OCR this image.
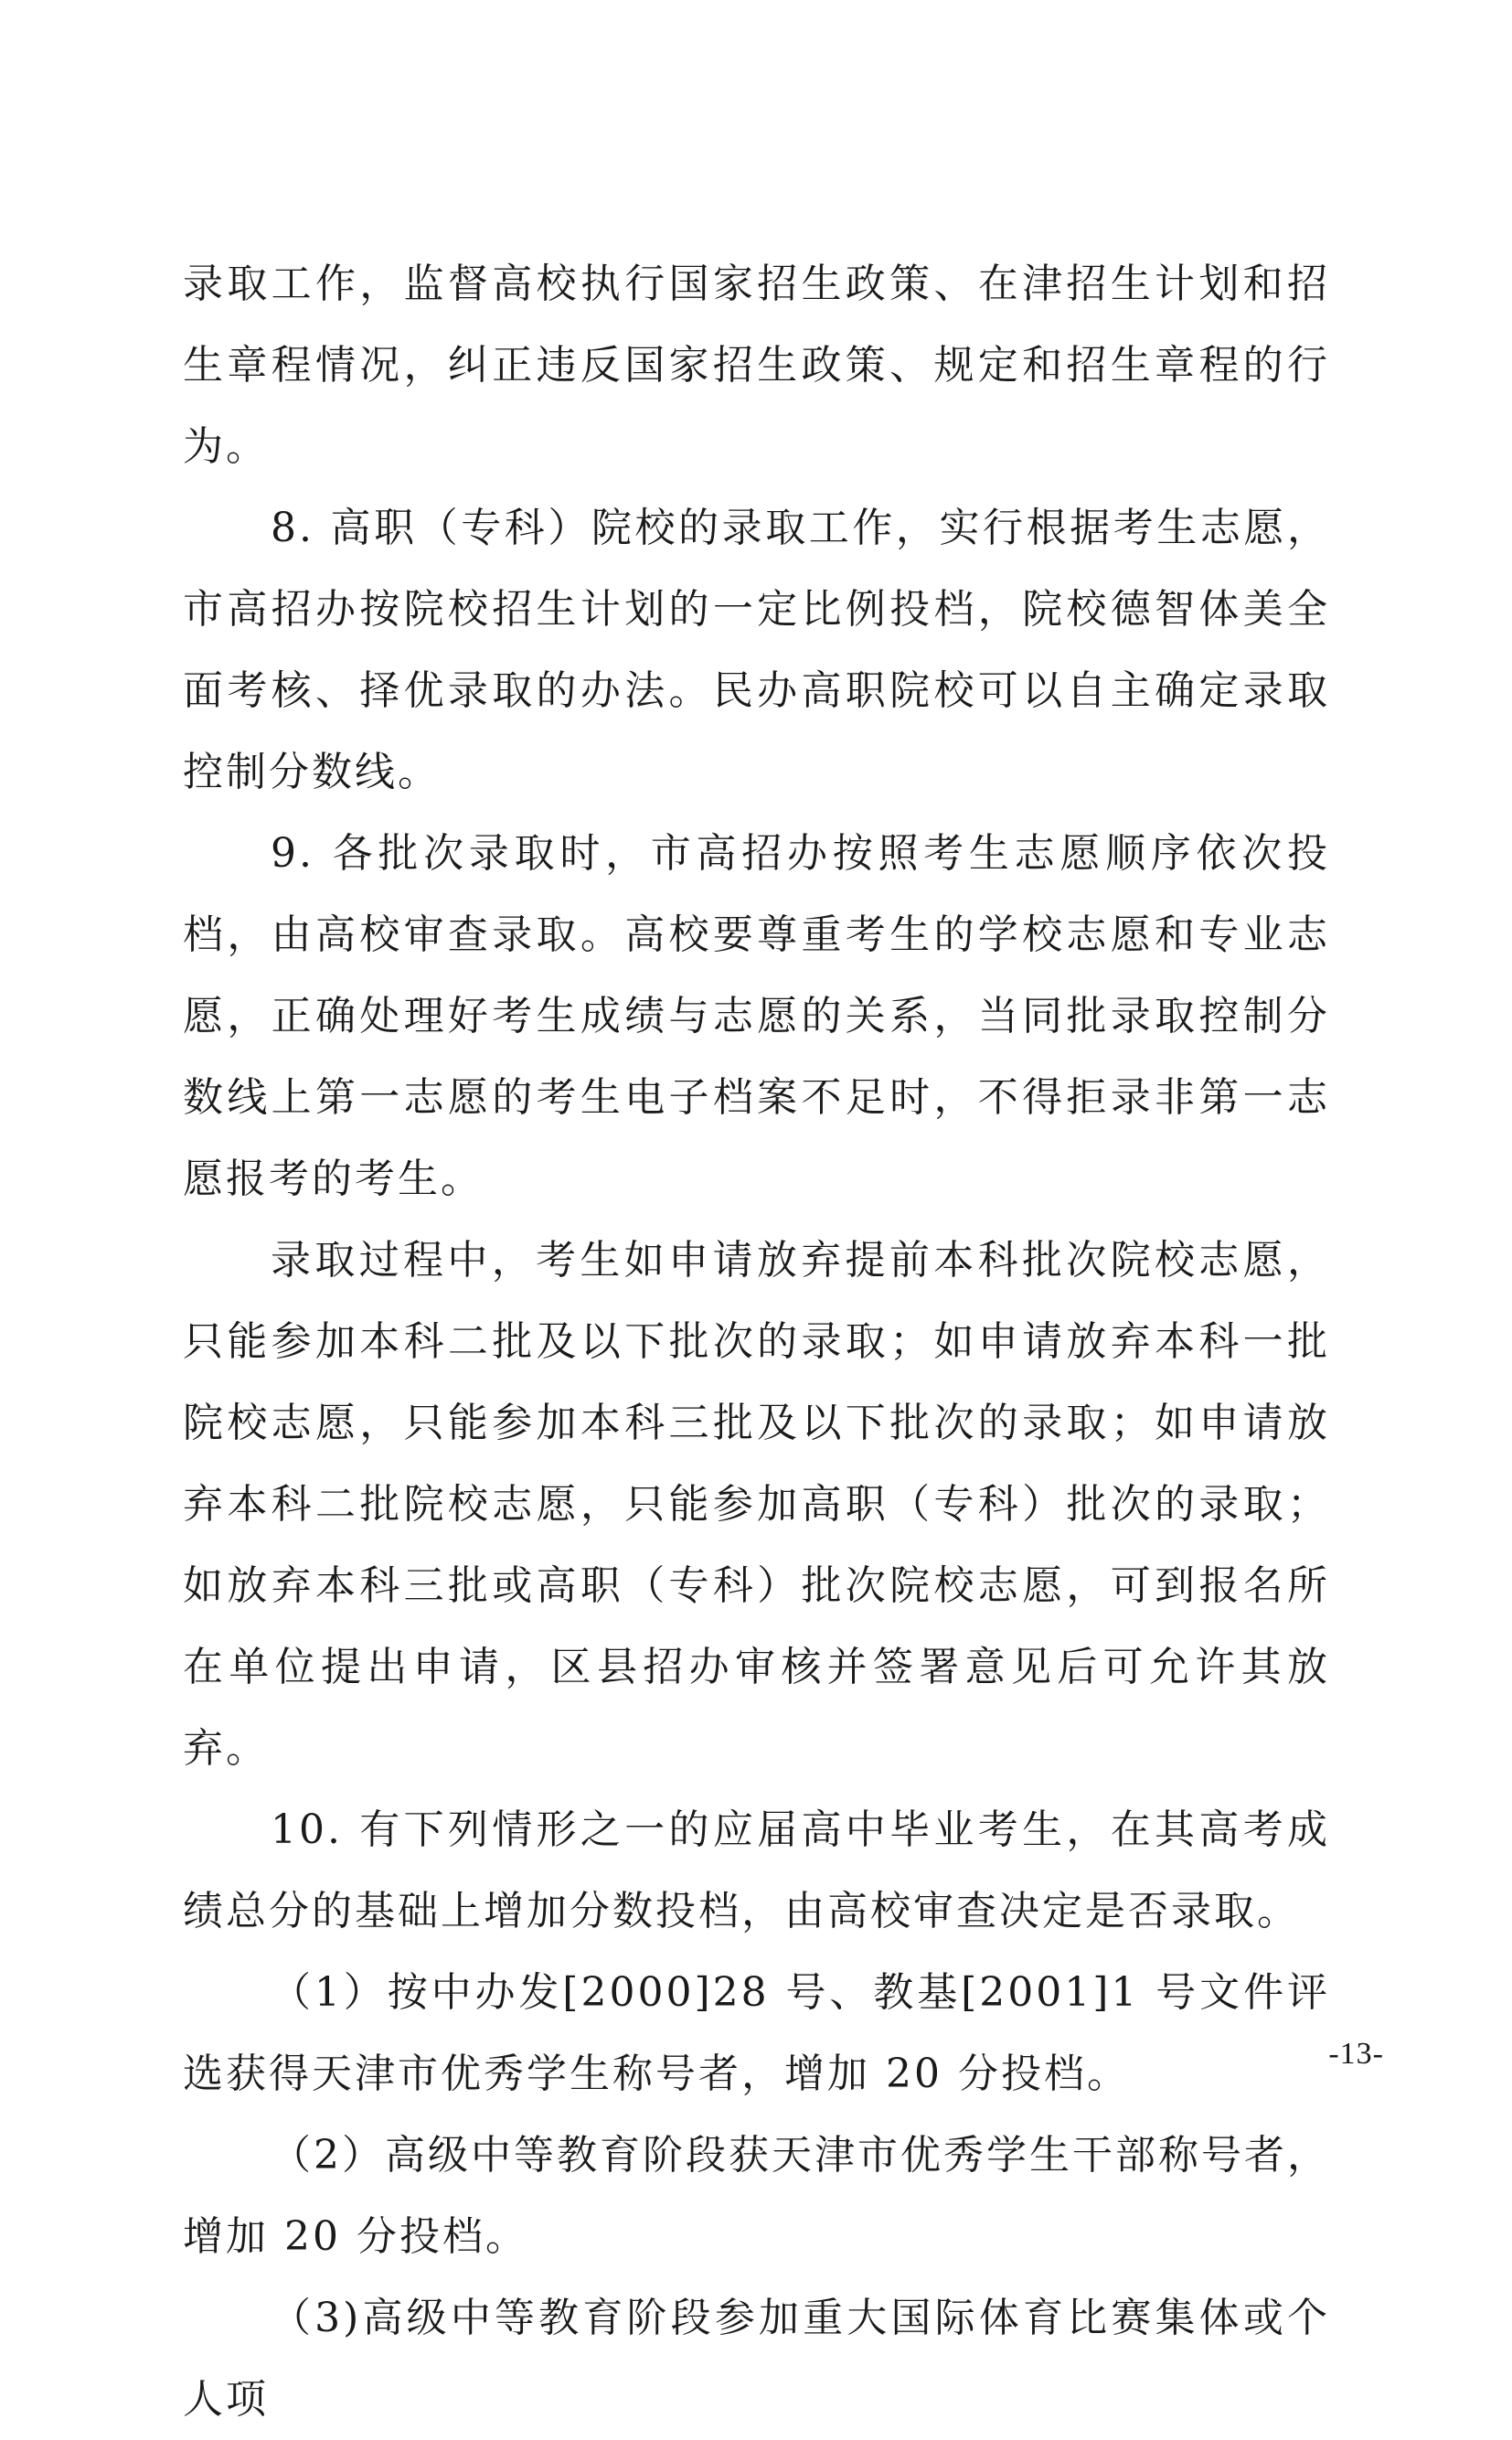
录取工作，监督高校执行国家招生政策、在津招生计划和招生章程情况，纠正违反国家招生政策、规定和招生章程的行为。

8. 高职（专科）院校的录取工作，实行根据考生志愿，市高招办按院校招生计划的一定比例投档，院校德智体美全面考核、择优录取的办法。民办高职院校可以自主确定录取控制分数线。

9. 各批次录取时，市高招办按照考生志愿顺序依次投档，由高校审查录取。高校要尊重考生的学校志愿和专业志愿，正确处理好考生成绩与志愿的关系，当同批录取控制分数线上第一志愿的考生电子档案不足时，不得拒录非第一志愿报考的考生。

录取过程中，考生如申请放弃提前本科批次院校志愿，只能参加本科二批及以下批次的录取；如申请放弃本科一批院校志愿，只能参加本科三批及以下批次的录取；如申请放弃本科二批院校志愿，只能参加高职（专科）批次的录取；如放弃本科三批或高职（专科）批次院校志愿，可到报名所在单位提出申请，区县招办审核并签署意见后可允许其放弃。

10. 有下列情形之一的应届高中毕业考生，在其高考成绩总分的基础上增加分数投档，由高校审查决定是否录取。

（1）按中办发[2000]28 号、教基[2001]1 号文件评选获得天津市优秀学生称号者，增加 20 分投档。

（2）高级中等教育阶段获天津市优秀学生干部称号者，增加 20 分投档。

（3)高级中等教育阶段参加重大国际体育比赛集体或个人项

-13-
